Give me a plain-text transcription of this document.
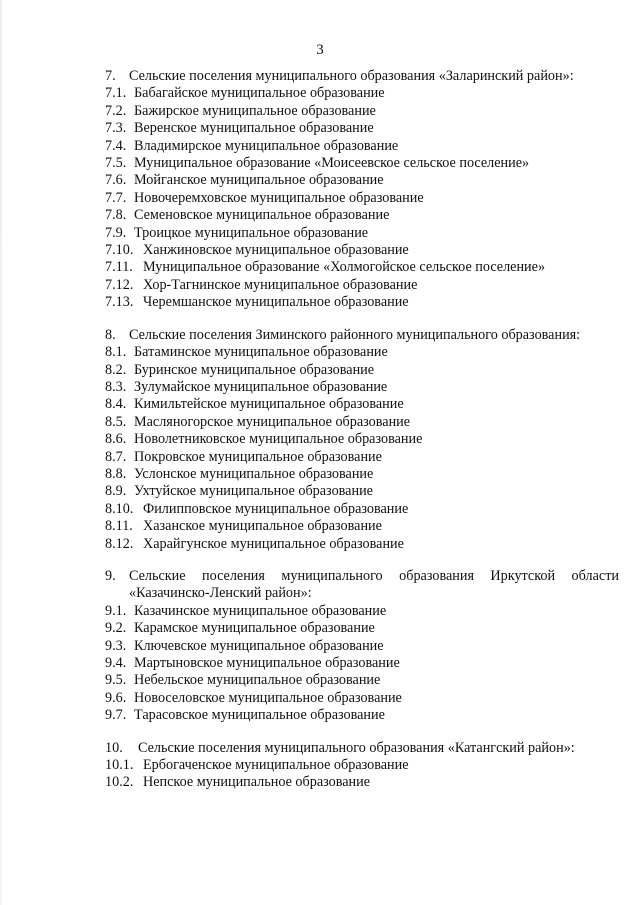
3
7. Сельские поселения муниципального образования «Заларинский район»:
7.1. Бабагайское муниципальное образование
7.2. Бажирское муниципальное образование
7.3. Веренское муниципальное образование
7.4. Владимирское муниципальное образование
7.5. Муниципальное образование «Моисеевское сельское поселение»
7.6. Мойганское муниципальное образование
7.7. Новочеремховское муниципальное образование
7.8. Семеновское муниципальное образование
7.9. Троицкое муниципальное образование
7.10. Ханжиновское муниципальное образование
7.11. Муниципальное образование «Холмогойское сельское поселение»
7.12. Хор-Тагнинское муниципальное образование
7.13. Черемшанское муниципальное образование
8. Сельские поселения Зиминского районного муниципального образования:
8.1. Батаминское муниципальное образование
8.2. Буринское муниципальное образование
8.3. Зулумайское муниципальное образование
8.4. Кимильтейское муниципальное образование
8.5. Масляногорское муниципальное образование
8.6. Новолетниковское муниципальное образование
8.7. Покровское муниципальное образование
8.8. Услонское муниципальное образование
8.9. Ухтуйское муниципальное образование
8.10. Филипповское муниципальное образование
8.11. Хазанское муниципальное образование
8.12. Харайгунское муниципальное образование
9. Сельские поселения муниципального образования Иркутской области «Казачинско-Ленский район»:
9.1. Казачинское муниципальное образование
9.2. Карамское муниципальное образование
9.3. Ключевское муниципальное образование
9.4. Мартыновское муниципальное образование
9.5. Небельское муниципальное образование
9.6. Новоселовское муниципальное образование
9.7. Тарасовское муниципальное образование
10.	Сельские поселения муниципального образования «Катангский район»:
10.1. Ербогаченское муниципальное образование
10.2. Непское муниципальное образование
